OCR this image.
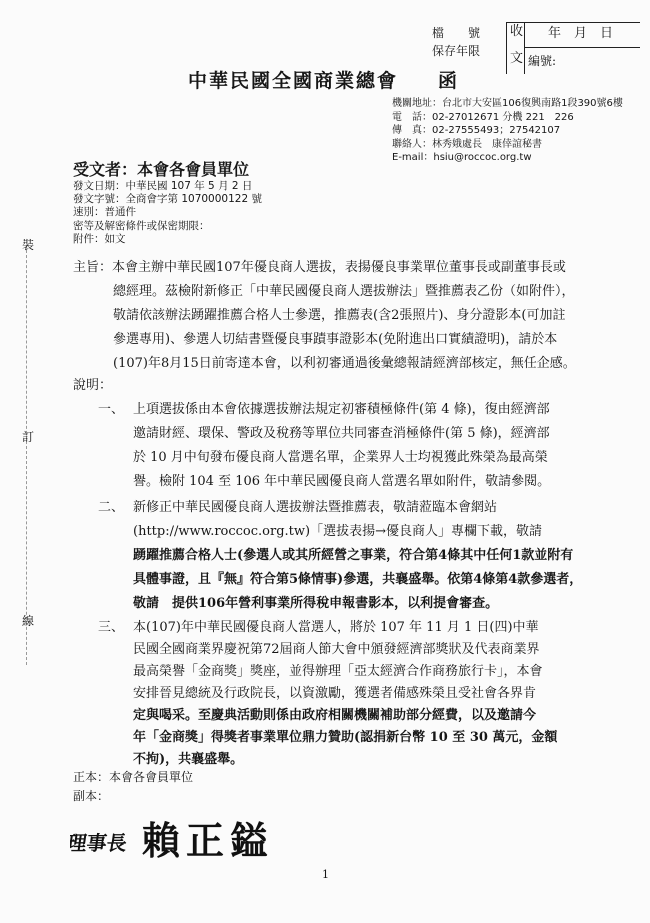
檔　　號
保存年限
收
文
年　月　日
編號:
中華民國全國商業總會 函
機關地址：台北市大安區106復興南路1段390號6樓
電　話：02-27012671 分機 221　226
傳　真：02-27555493；27542107
聯絡人：林秀娥處長　康倖誼秘書
E-mail：hsiu@roccoc.org.tw
受文者：本會各會員單位
發文日期：中華民國 107 年 5 月 2 日
發文字號：全商會字第 1070000122 號
速別：普通件
密等及解密條件或保密期限：
附件：如文
裝
訂
線
主旨：本會主辦中華民國107年優良商人選拔，表揚優良事業單位董事長或副董事長或
總經理。茲檢附新修正「中華民國優良商人選拔辦法」暨推薦表乙份（如附件），
敬請依該辦法踴躍推薦合格人士參選，推薦表(含2張照片)、身分證影本(可加註
參選專用)、參選人切結書暨優良事蹟事證影本(免附進出口實績證明)，請於本
(107)年8月15日前寄達本會，以利初審通過後彙總報請經濟部核定，無任企感。
說明：
一、 上項選拔係由本會依據選拔辦法規定初審積極條件(第 4 條)，復由經濟部
邀請財經、環保、警政及稅務等單位共同審查消極條件(第 5 條)，經濟部
於 10 月中旬發布優良商人當選名單，企業界人士均視獲此殊榮為最高榮
譽。檢附 104 至 106 年中華民國優良商人當選名單如附件，敬請參閱。
二、 新修正中華民國優良商人選拔辦法暨推薦表，敬請蒞臨本會網站
(http://www.roccoc.org.tw)「選拔表揚→優良商人」專欄下載，敬請
踴躍推薦合格人士(參選人或其所經營之事業，符合第4條其中任何1款並附有
具體事證，且『無』符合第5條情事)參選，共襄盛舉。依第4條第4款參選者，
敬請　提供106年營利事業所得稅申報書影本，以利提會審查。
三、 本(107)年中華民國優良商人當選人，將於 107 年 11 月 1 日(四)中華
民國全國商業界慶祝第72屆商人節大會中頒發經濟部獎狀及代表商業界
最高榮譽「金商獎」獎座，並得辦理「亞太經濟合作商務旅行卡」，本會
安排晉見總統及行政院長，以資激勵，獲選者備感殊榮且受社會各界肯
定與喝采。至慶典活動則係由政府相關機關補助部分經費，以及邀請今
正本：本會各會員單位
副本：
理事長 賴正鎰
1
年「金商獎」得獎者事業單位鼎力贊助(認捐新台幣 10 至 30 萬元，金額
不拘)，共襄盛舉。
